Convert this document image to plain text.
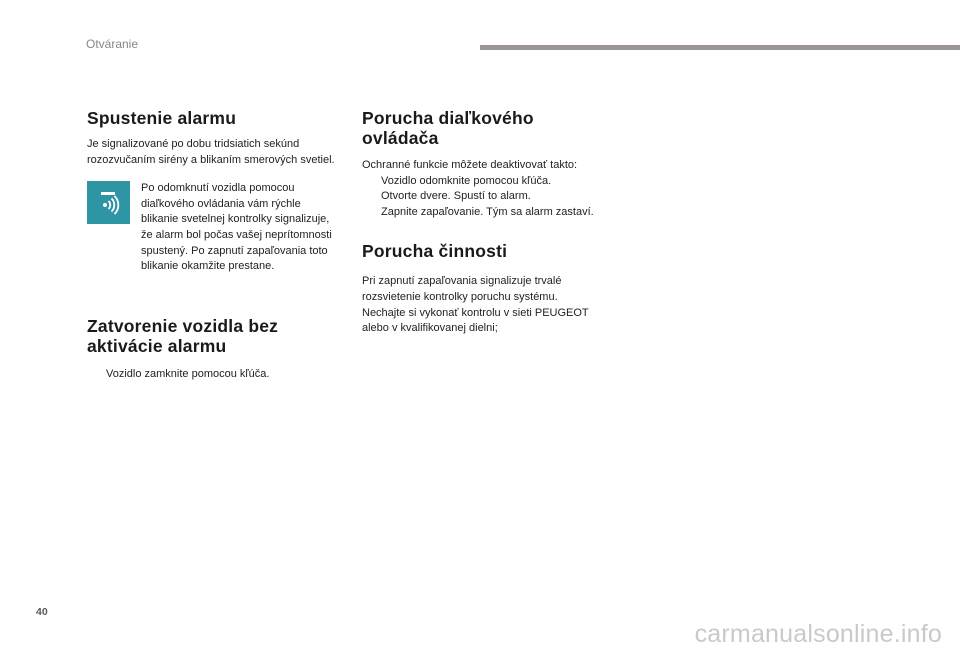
Otváranie
Spustenie alarmu

Je signalizované po dobu tridsiatich sekúnd rozozvučaním sirény a blikaním smerových svetiel.

Po odomknutí vozidla pomocou diaľkového ovládania vám rýchle blikanie svetelnej kontrolky signalizuje, že alarm bol počas vašej neprítomnosti spustený. Po zapnutí zapaľovania toto blikanie okamžite prestane.

Zatvorenie vozidla bez
aktivácie alarmu
Vozidlo zamknite pomocou kľúča.
Porucha diaľkového
ovládača

Ochranné funkcie môžete deaktivovať takto:

Vozidlo odomknite pomocou kľúča.
Otvorte dvere. Spustí to alarm.
Zapnite zapaľovanie. Tým sa alarm zastaví.
Porucha činnosti

Pri zapnutí zapaľovania signalizuje trvalé
rozsvietenie kontrolky poruchu systému.
Nechajte si vykonať kontrolu v sieti PEUGEOT
alebo v kvalifikovanej dielni;

40
carmanualsonline.info
